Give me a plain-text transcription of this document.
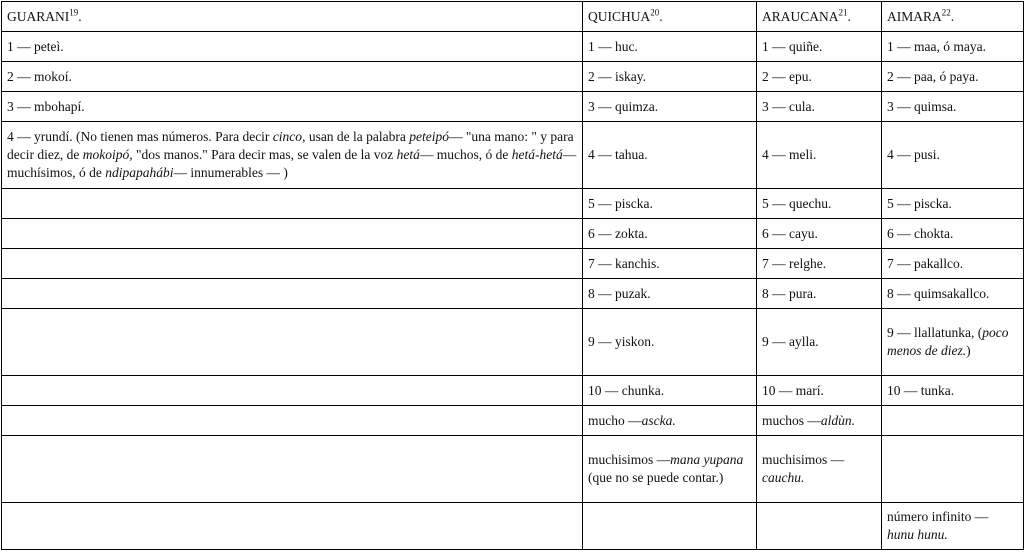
GUARANI$^{19}$.	QUICHUA$^{20}$.	ARAUCANA$^{21}$.	AIMARA$^{22}$.
1 — peteì.	1 — huc.	1 — quiñe.	1 — maa, ó maya.
2 — mokoí.	2 — iskay.	2 — epu.	2 — paa, ó paya.
3 — mbohapí.	3 — quimza.	3 — cula.	3 — quimsa.
4 — yrundí. (No tienen mas números. Para decir cinco, usan de la palabra peteipó— "una mano: " y para decir diez, de mokoipó, "dos manos." Para decir mas, se valen de la voz hetá— muchos, ó de hetá-hetá— muchísimos, ó de ndipapahábi— innumerables — )	4 — tahua.	4 — meli.	4 — pusi.
	5 — piscka.	5 — quechu.	5 — piscka.
	6 — zokta.	6 — cayu.	6 — chokta.
	7 — kanchis.	7 — relghe.	7 — pakallco.
	8 — puzak.	8 — pura.	8 — quimsakallco.
	9 — yiskon.	9 — aylla.	9 — llallatunka, (poco menos de diez.)
	10 — chunka.	10 — marí.	10 — tunka.
	mucho —ascka.	muchos —aldùn.	
	muchisimos —mana yupana (que no se puede contar.)	muchisimos — cauchu.	
			número infinito — hunu hunu.
